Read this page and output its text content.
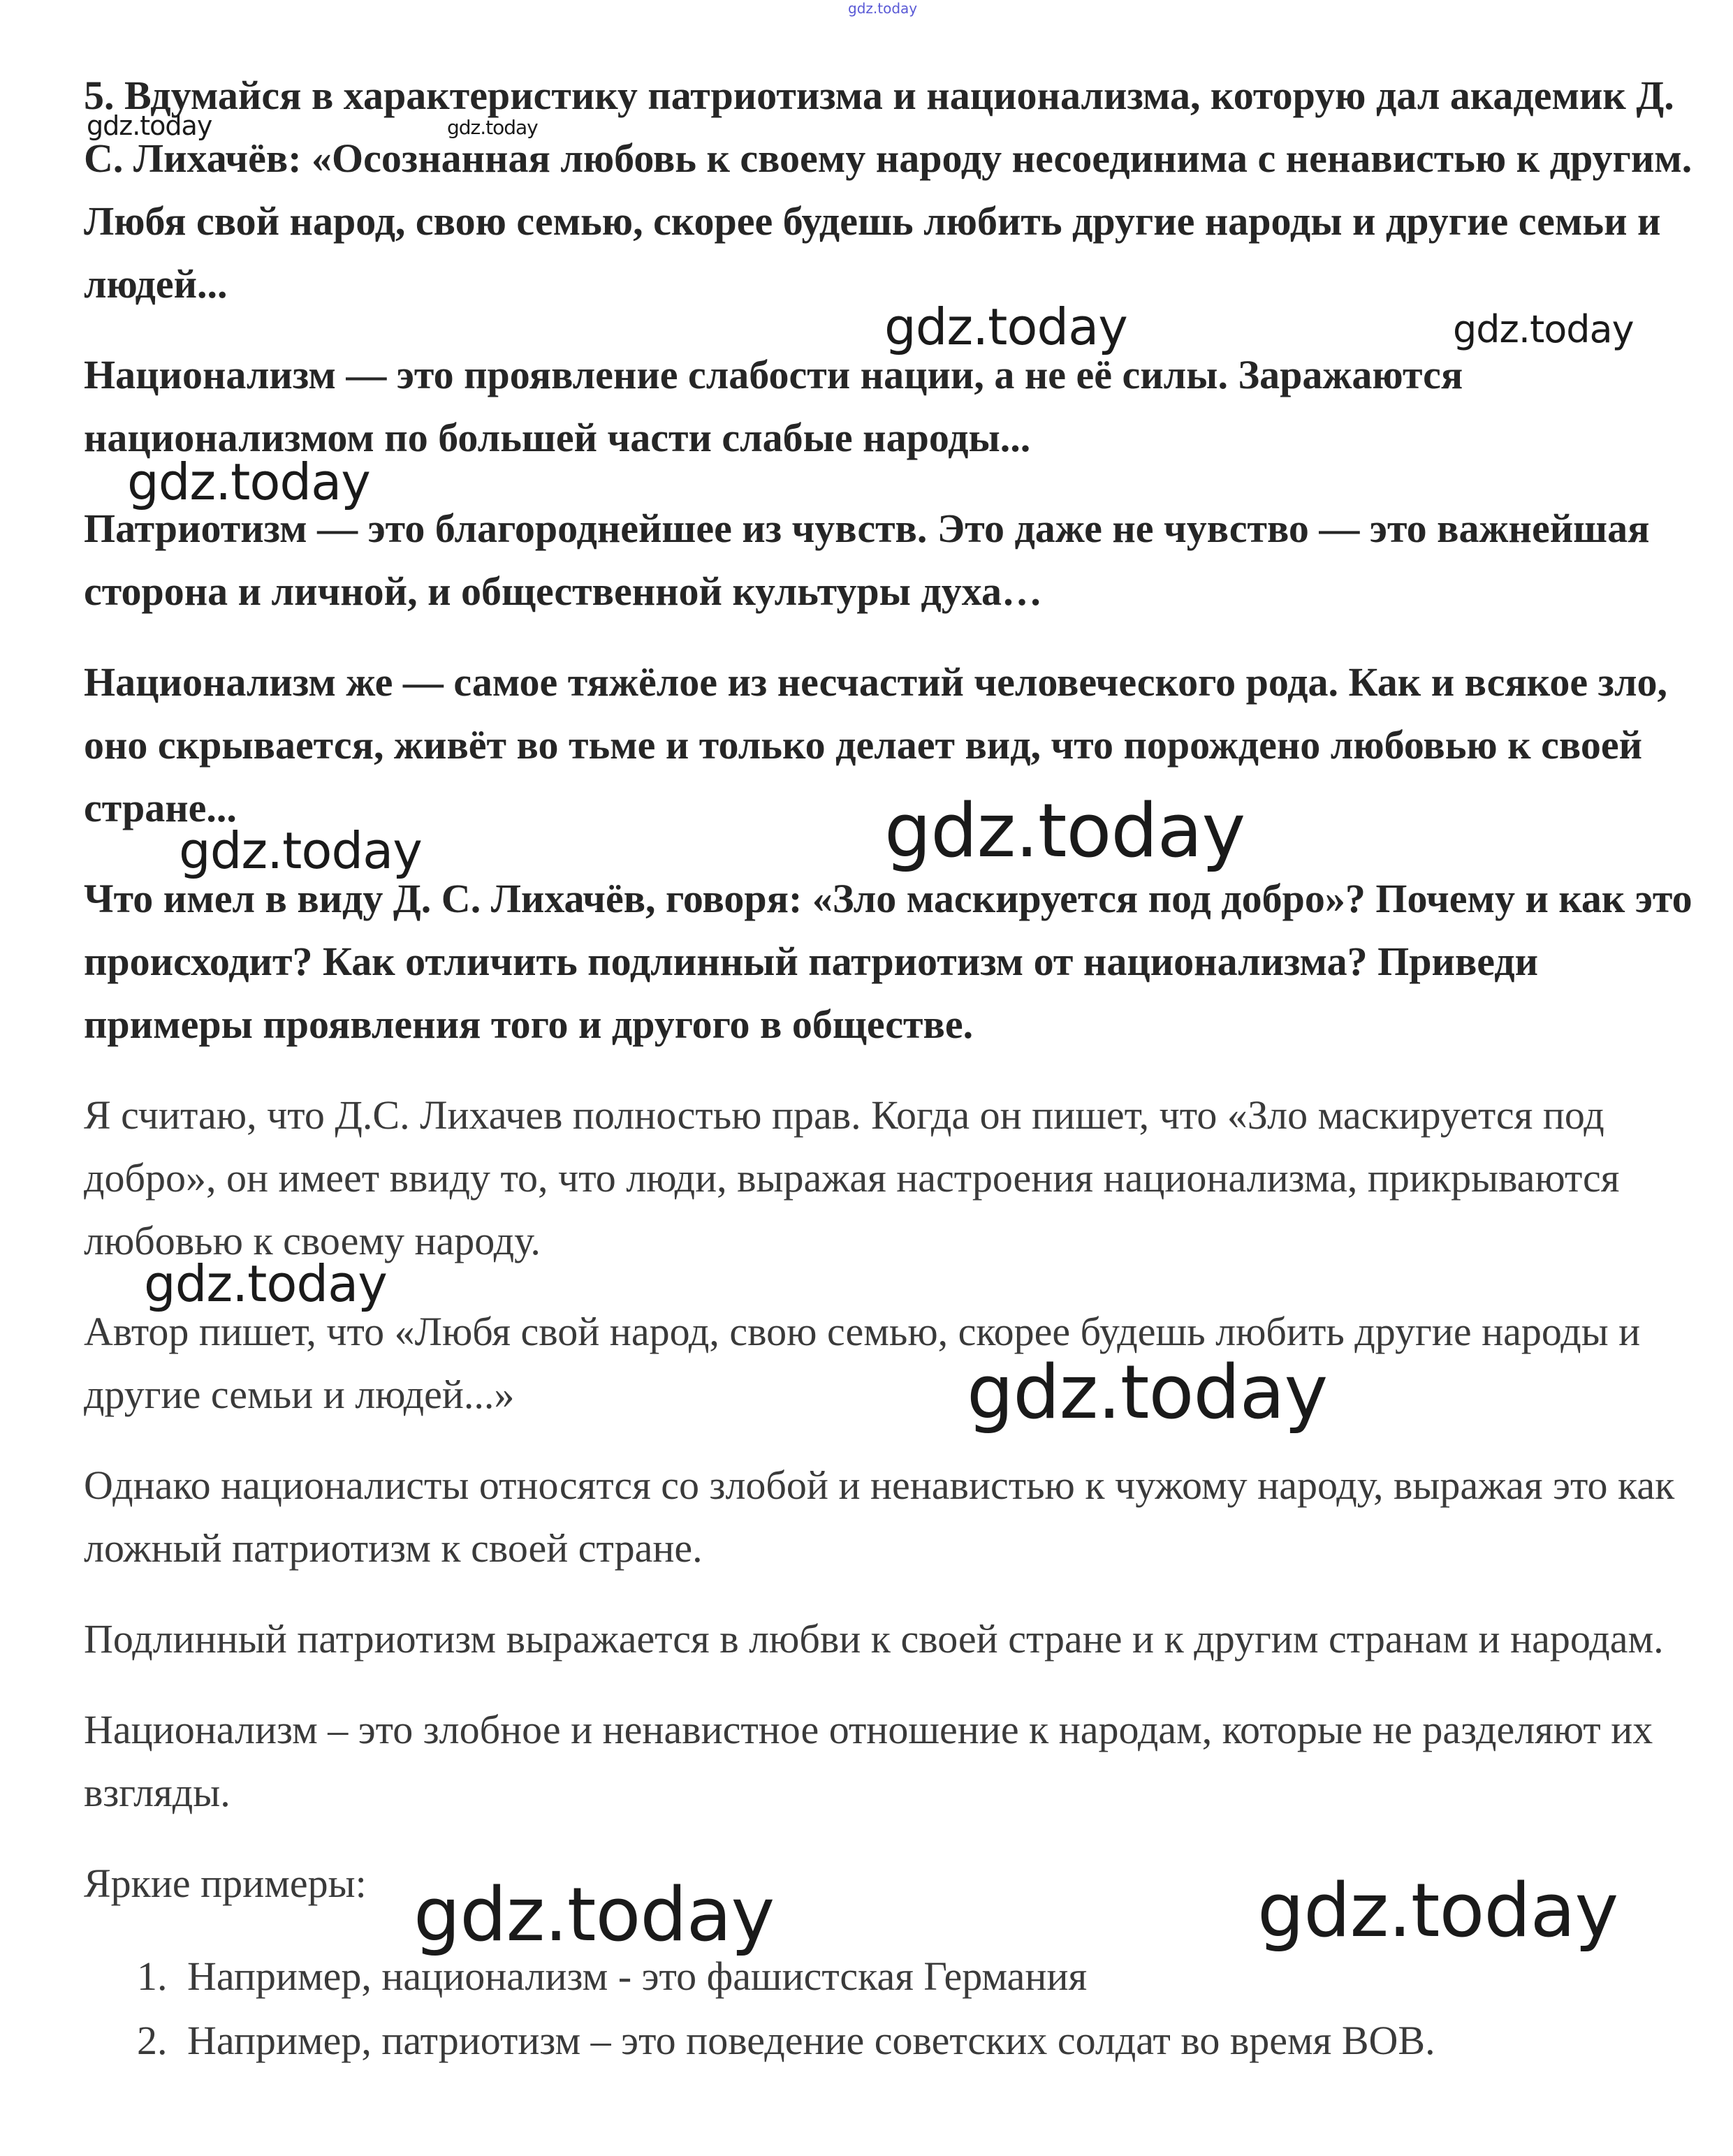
gdz.today

5. Вдумайся в характеристику патриотизма и национализма, которую дал академик Д. С. Лихачёв: «Осознанная любовь к своему народу несоединима с ненавистью к другим. Любя свой народ, свою семью, скорее будешь любить другие народы и другие семьи и людей...

Национализм — это проявление слабости нации, а не её силы. Заражаются национализмом по большей части слабые народы...

Патриотизм — это благороднейшее из чувств. Это даже не чувство — это важнейшая сторона и личной, и общественной культуры духа…

Национализм же — самое тяжёлое из несчастий человеческого рода. Как и всякое зло, оно скрывается, живёт во тьме и только делает вид, что порождено любовью к своей стране...

Что имел в виду Д. С. Лихачёв, говоря: «Зло маскируется под добро»? Почему и как это происходит? Как отличить подлинный патриотизм от национализма? Приведи примеры проявления того и другого в обществе.

Я считаю, что Д.С. Лихачев полностью прав. Когда он пишет, что «Зло маскируется под добро», он имеет ввиду то, что люди, выражая настроения национализма, прикрываются любовью к своему народу.

Автор пишет, что «Любя свой народ, свою семью, скорее будешь любить другие народы и другие семьи и людей...»

Однако националисты относятся со злобой и ненавистью к чужому народу, выражая это как ложный патриотизм к своей стране.

Подлинный патриотизм выражается в любви к своей стране и к другим странам и народам.

Национализм – это злобное и ненавистное отношение к народам, которые не разделяют их взгляды.

Яркие примеры:

1. Например, национализм - это фашистская Германия
2. Например, патриотизм – это поведение советских солдат во время ВОВ.
gdz.today	gdz.today
gdz.today	gdz.today
gdz.today
gdz.today
gdz.today
gdz.today
gdz.today
gdz.today	gdz.today
